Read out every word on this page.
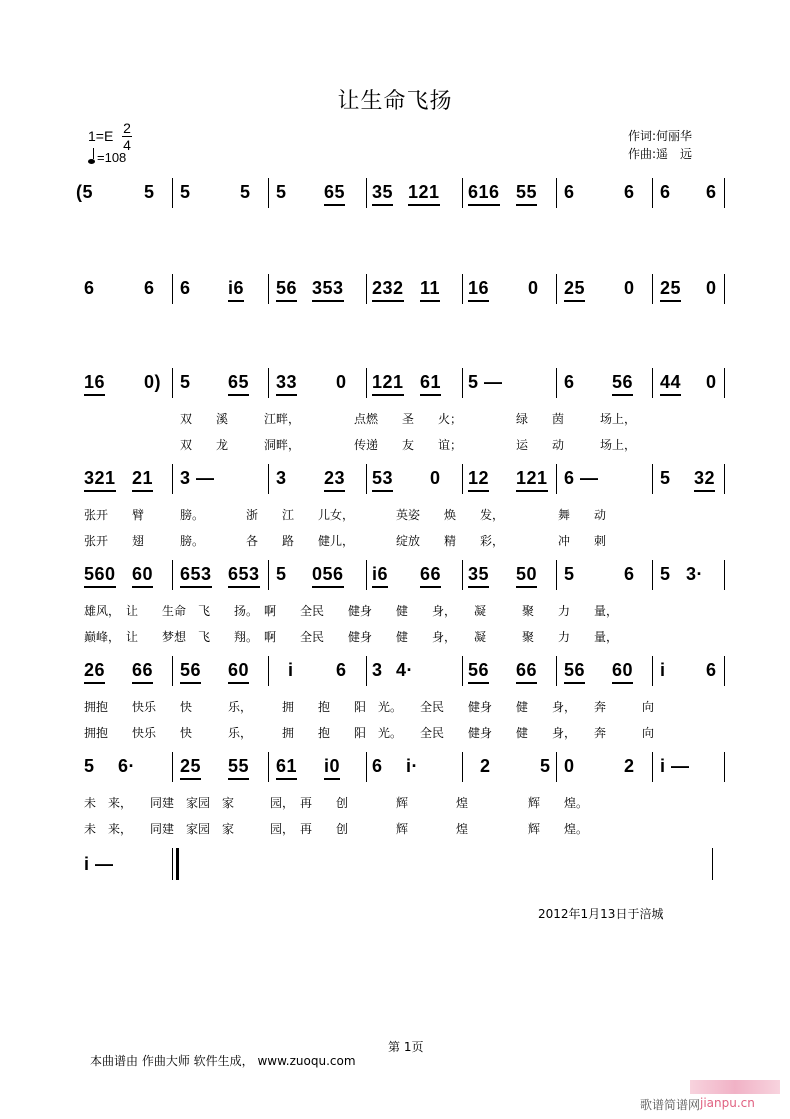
让生命飞扬
1=E 2
4
=108
作词:何丽华
作曲:遥　远
(5	5 5	5 5 65 35 121 616 55 6	6 6 6
6	6 6 i6 56 353 232 11 16 0 25 0 25 0
16 0) 5 65 33 0 121 61 5 —	6 56 44 0
双　　溪　　　江畔，　　　　　点燃　　圣　　火；　　　　　绿　　茵　　　场上，
双　　龙　　　洞畔，　　　　　传递　　友　　谊；　　　　　运　　动　　　场上，
321 21 3 —	3 23 53 0 12 121 6 —	5 32
张开　　臂　　　膀。　　　　浙　　江　　儿女，　　　　英姿　　焕　　发，　　　　　舞　　动
张开　　翅　　　膀。　　　　各　　路　　健儿，　　　　绽放　　精　　彩，　　　　　冲　　刺
560 60 653 653 5 056 i6 66 35 50 5	6 5 3·
雄风，　让　　生命　飞　　扬。　啊　　全民　　健身　　健　　身，　　凝　　　聚　　力　　量，
巅峰，　让　　梦想　飞　　翔。　啊　　全民　　健身　　健　　身，　　凝　　　聚　　力　　量，
26 66 56 60 i 6 3 4·	56 66 56 60 i 6
拥抱　　快乐　　快　　　乐，　　　拥　　抱　　阳　光。　　全民　　健身　　健　　身，　　奔　　　向
拥抱　　快乐　　快　　　乐，　　　拥　　抱　　阳　光。　　全民　　健身　　健　　身，　　奔　　　向
5 6· 25 55 61 i0 6 i·	2	5 0	2 i —
未　来，　　同建　家园　家　　　园，　再　　创　　　　辉　　　　煌　　　　　辉　　煌。
未　来，　　同建　家园　家　　　园，　再　　创　　　　辉　　　　煌　　　　　辉　　煌。
i —
2012年1月13日于涪城
第 1页
本曲谱由 作曲大师 软件生成， www.zuoqu.com
歌谱简谱网 jianpu.cn
